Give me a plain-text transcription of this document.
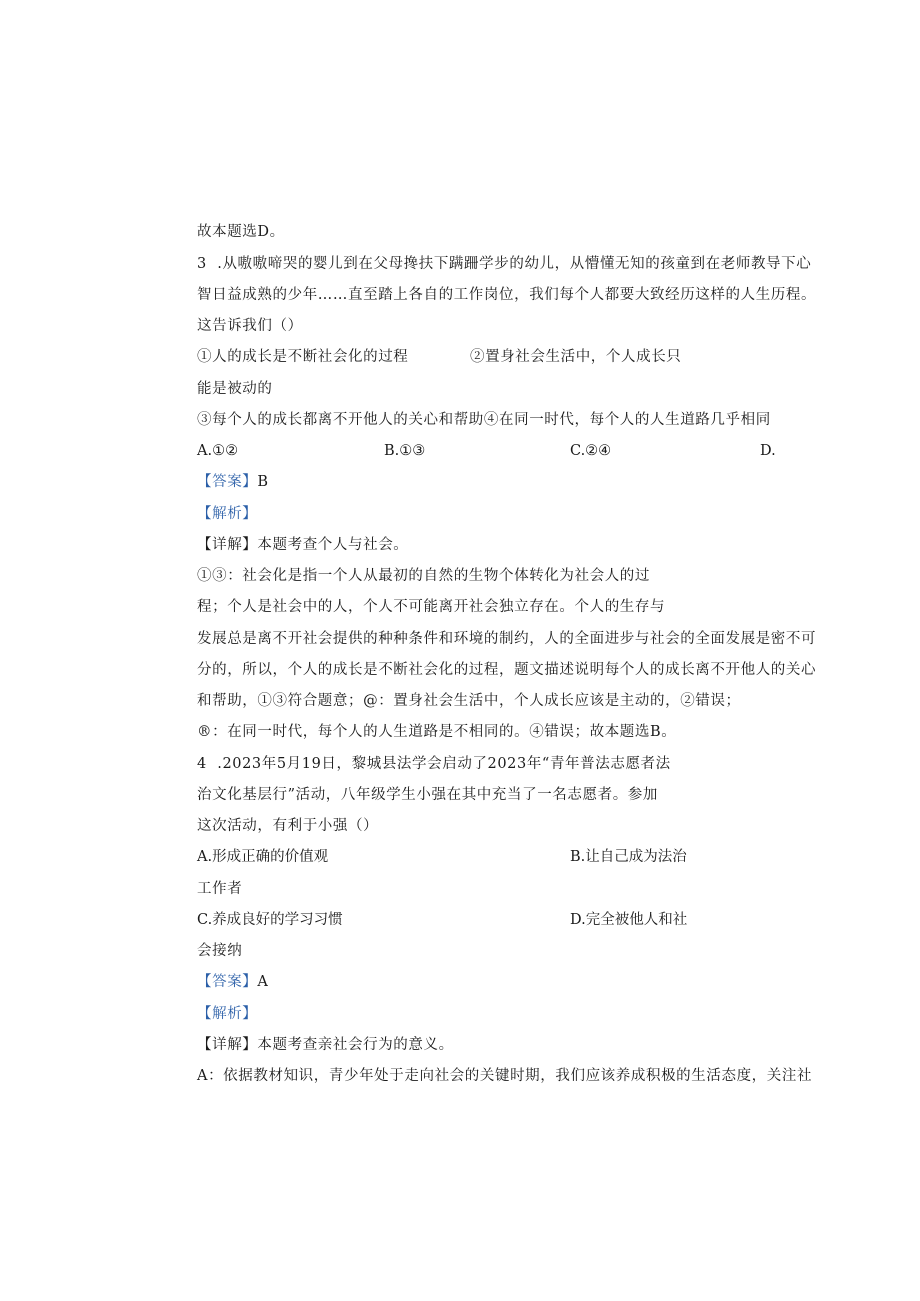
故本题选D。
3  .从嗷嗷啼哭的婴儿到在父母搀扶下蹒跚学步的幼儿，从懵懂无知的孩童到在老师教导下心
智日益成熟的少年……直至踏上各自的工作岗位，我们每个人都要大致经历这样的人生历程。
这告诉我们（）
①人的成长是不断社会化的过程	②置身社会生活中，个人成长只
能是被动的
③每个人的成长都离不开他人的关心和帮助④在同一时代，每个人的人生道路几乎相同
A.①②	B.①③	C.②④	D.
【答案】B
【解析】
【详解】本题考查个人与社会。
①③：社会化是指一个人从最初的自然的生物个体转化为社会人的过
程；个人是社会中的人，个人不可能离开社会独立存在。个人的生存与
发展总是离不开社会提供的种种条件和环境的制约，人的全面进步与社会的全面发展是密不可
分的，所以，个人的成长是不断社会化的过程，题文描述说明每个人的成长离不开他人的关心
和帮助，①③符合题意；@：置身社会生活中，个人成长应该是主动的，②错误；
®：在同一时代，每个人的人生道路是不相同的。④错误；故本题选B。
4  .2023年5月19日，黎城县法学会启动了2023年“青年普法志愿者法
治文化基层行”活动，八年级学生小强在其中充当了一名志愿者。参加
这次活动，有利于小强（）
A.形成正确的价值观	B.让自己成为法治
工作者
C.养成良好的学习习惯	D.完全被他人和社
会接纳
【答案】A
【解析】
【详解】本题考查亲社会行为的意义。
A：依据教材知识，青少年处于走向社会的关键时期，我们应该养成积极的生活态度，关注社
